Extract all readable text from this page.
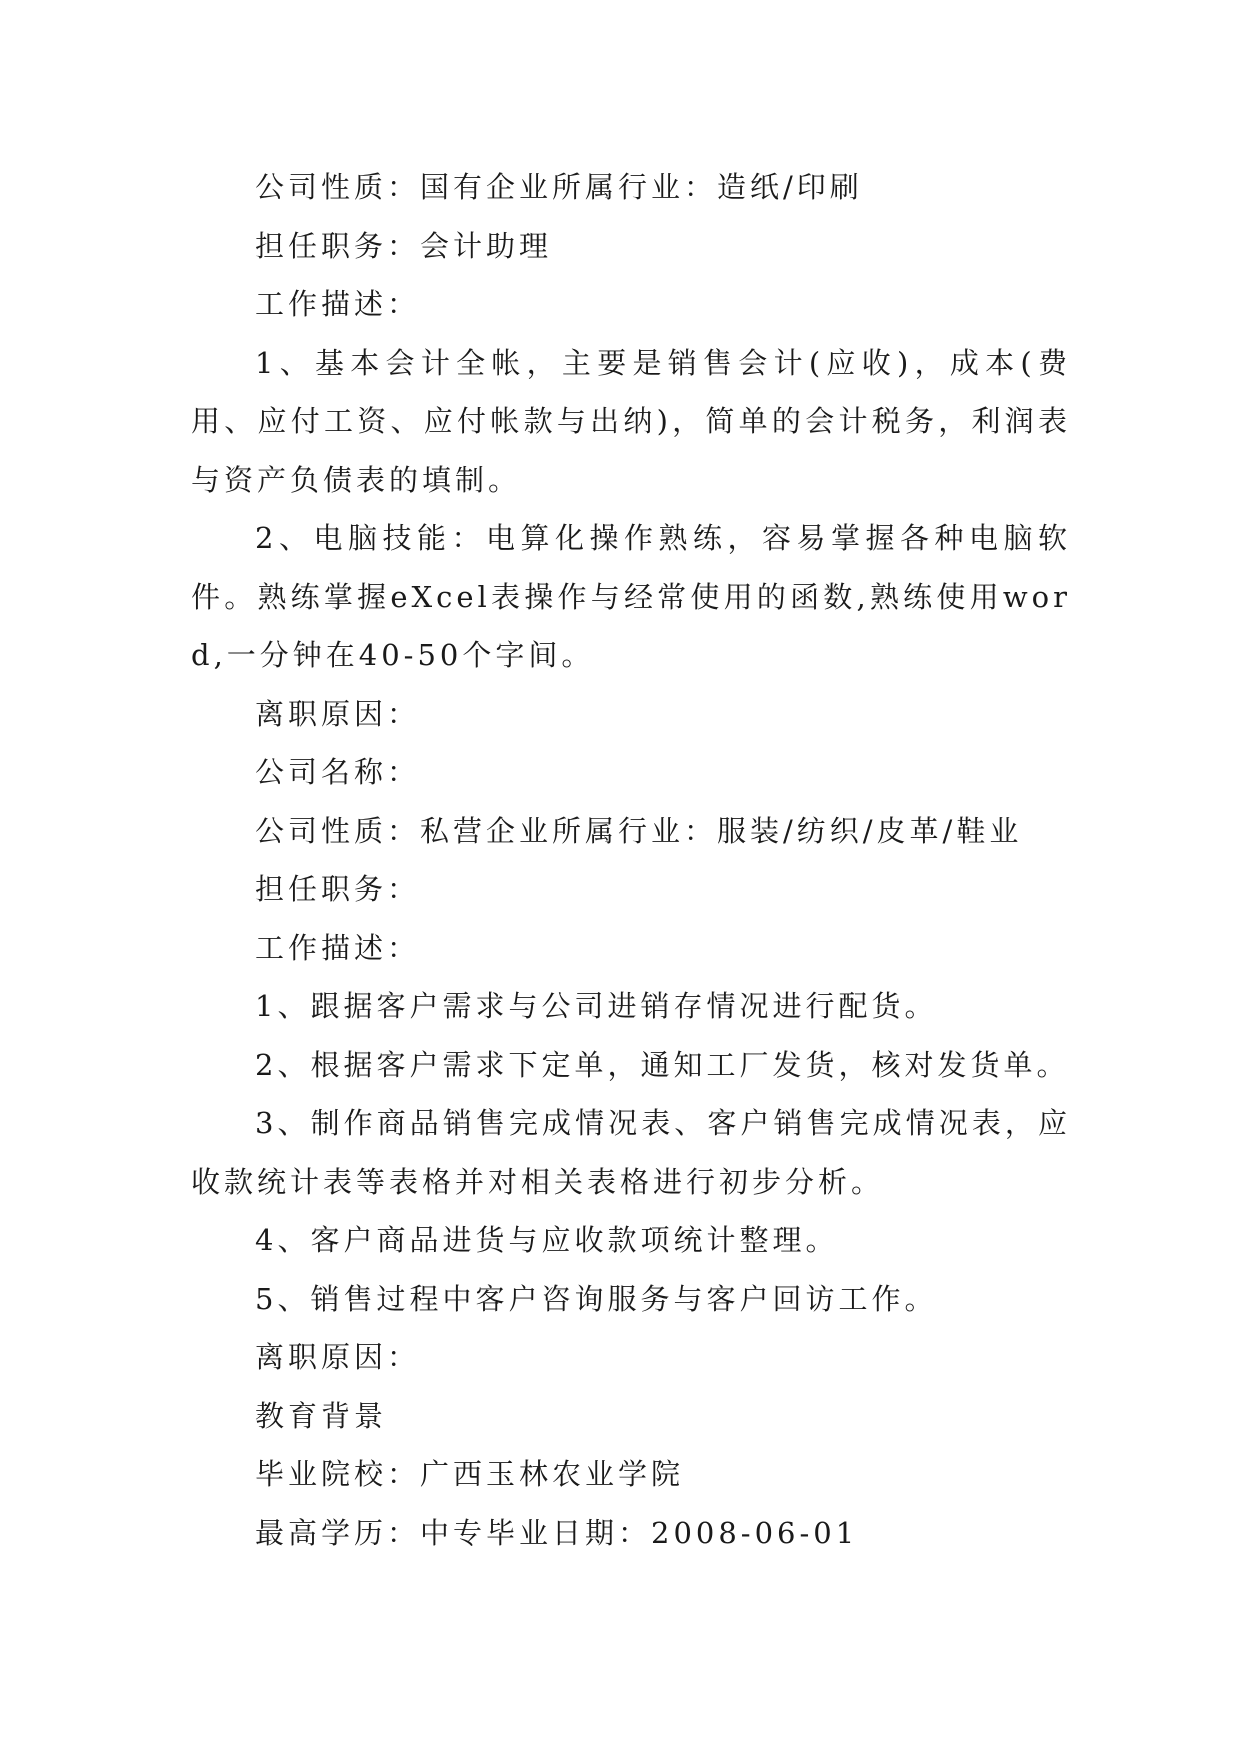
公司性质：国有企业所属行业：造纸/印刷

担任职务：会计助理

工作描述：

1、基本会计全帐，主要是销售会计(应收)，成本(费用、应付工资、应付帐款与出纳)，简单的会计税务，利润表与资产负债表的填制。

2、电脑技能：电算化操作熟练，容易掌握各种电脑软件。熟练掌握eXcel表操作与经常使用的函数,熟练使用word,一分钟在40-50个字间。

离职原因：

公司名称：

公司性质：私营企业所属行业：服装/纺织/皮革/鞋业

担任职务：

工作描述：

1、跟据客户需求与公司进销存情况进行配货。

2、根据客户需求下定单，通知工厂发货，核对发货单。

3、制作商品销售完成情况表、客户销售完成情况表，应收款统计表等表格并对相关表格进行初步分析。

4、客户商品进货与应收款项统计整理。

5、销售过程中客户咨询服务与客户回访工作。

离职原因：

教育背景

毕业院校：广西玉林农业学院

最高学历：中专毕业日期：2008-06-01
